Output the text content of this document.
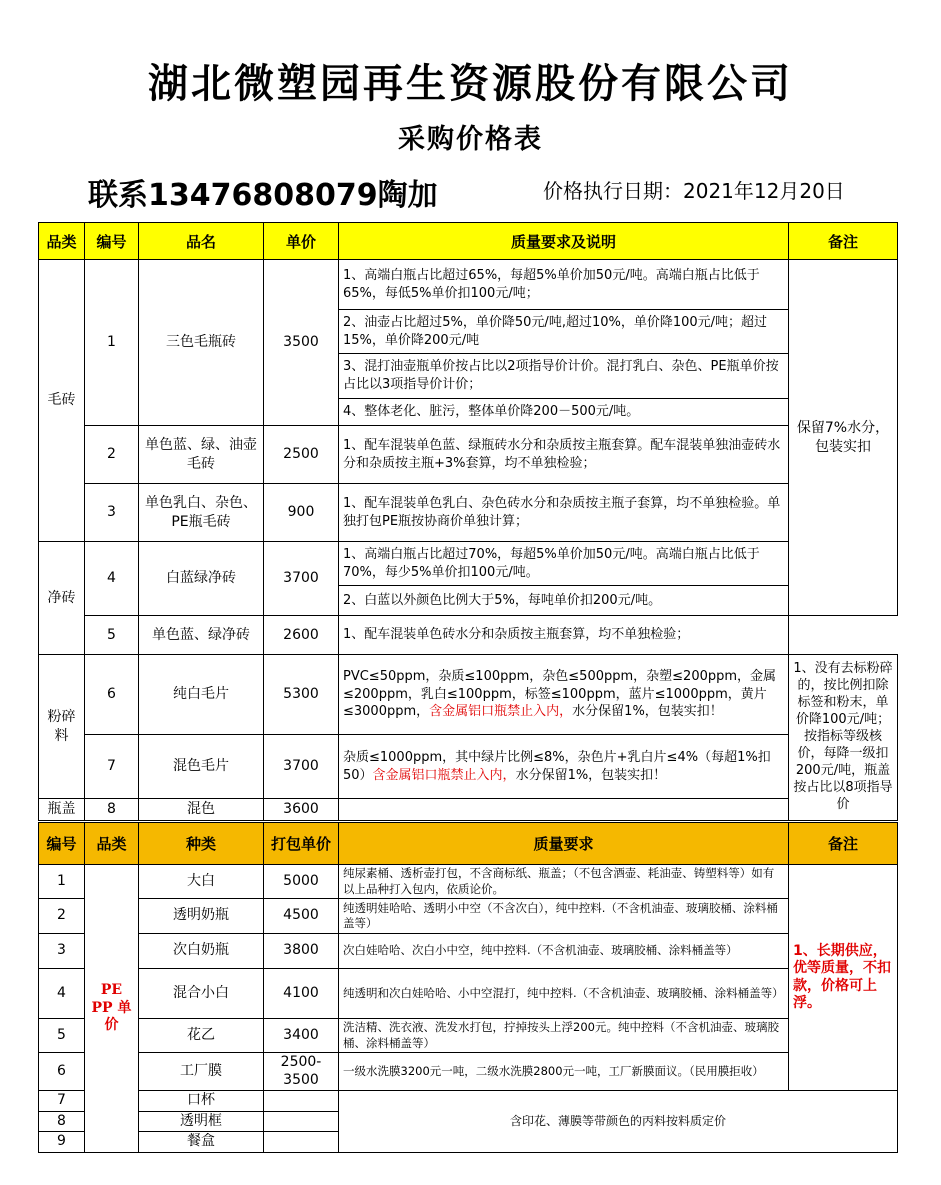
湖北微塑园再生资源股份有限公司
采购价格表
联系13476808079陶加	价格执行日期：2021年12月20日
品类	编号	品名	单价	质量要求及说明	备注
毛砖	1	三色毛瓶砖	3500	1、高端白瓶占比超过65%，每超5%单价加50元/吨。高端白瓶占比低于65%，每低5%单价扣100元/吨；	保留7%水分，包装实扣
				2、油壶占比超过5%，单价降50元/吨,超过10%，单价降100元/吨；超过15%，单价降200元/吨	
				3、混打油壶瓶单价按占比以2项指导价计价。混打乳白、杂色、PE瓶单价按占比以3项指导价计价；	
				4、整体老化、脏污，整体单价降200－500元/吨。	
	2	单色蓝、绿、油壶毛砖	2500	1、配车混装单色蓝、绿瓶砖水分和杂质按主瓶套算。配车混装单独油壶砖水分和杂质按主瓶+3%套算，均不单独检验；	
	3	单色乳白、杂色、PE瓶毛砖	900	1、配车混装单色乳白、杂色砖水分和杂质按主瓶子套算，均不单独检验。单独打包PE瓶按协商价单独计算；	
净砖	4	白蓝绿净砖	3700	1、高端白瓶占比超过70%，每超5%单价加50元/吨。高端白瓶占比低于70%，每少5%单价扣100元/吨。	
				2、白蓝以外颜色比例大于5%，每吨单价扣200元/吨。	
	5	单色蓝、绿净砖	2600	1、配车混装单色砖水分和杂质按主瓶套算，均不单独检验；	
粉碎料	6	纯白毛片	5300	PVC≤50ppm，杂质≤100ppm，杂色≤500ppm，杂塑≤200ppm，金属≤200ppm，乳白≤100ppm，标签≤100ppm，蓝片≤1000ppm，黄片≤3000ppm，含金属铝口瓶禁止入内，水分保留1%，包装实扣！	1、没有去标粉碎的，按比例扣除标签和粉末，单价降100元/吨；按指标等级核价，每降一级扣200元/吨，瓶盖按占比以8项指导价
	7	混色毛片	3700	杂质≤1000ppm，其中绿片比例≤8%，杂色片+乳白片≤4%（每超1%扣50）含金属铝口瓶禁止入内，水分保留1%，包装实扣！	
瓶盖	8	混色	3600		
编号	品类	种类	打包单价	质量要求	备注
1	PE PP 单价	大白	5000	纯尿素桶、透析壶打包，不含商标纸、瓶盖；（不包含酒壶、耗油壶、铸塑料等）如有以上品种打入包内，依质论价。	1、长期供应，优等质量，不扣款，价格可上浮。
2		透明奶瓶	4500	纯透明娃哈哈、透明小中空（不含次白），纯中控料.（不含机油壶、玻璃胶桶、涂料桶盖等）	
3		次白奶瓶	3800	次白娃哈哈、次白小中空，纯中控料.（不含机油壶、玻璃胶桶、涂料桶盖等）	
4		混合小白	4100	纯透明和次白娃哈哈、小中空混打，纯中控料.（不含机油壶、玻璃胶桶、涂料桶盖等）	
5		花乙	3400	洗洁精、洗衣液、洗发水打包，拧掉按头上浮200元。纯中控料（不含机油壶、玻璃胶桶、涂料桶盖等）	
6		工厂膜	2500-3500	一级水洗膜3200元一吨，二级水洗膜2800元一吨，工厂新膜面议。（民用膜拒收）	
7		口杯		含印花、薄膜等带颜色的丙料按料质定价	
8		透明框			
9		餐盒			
